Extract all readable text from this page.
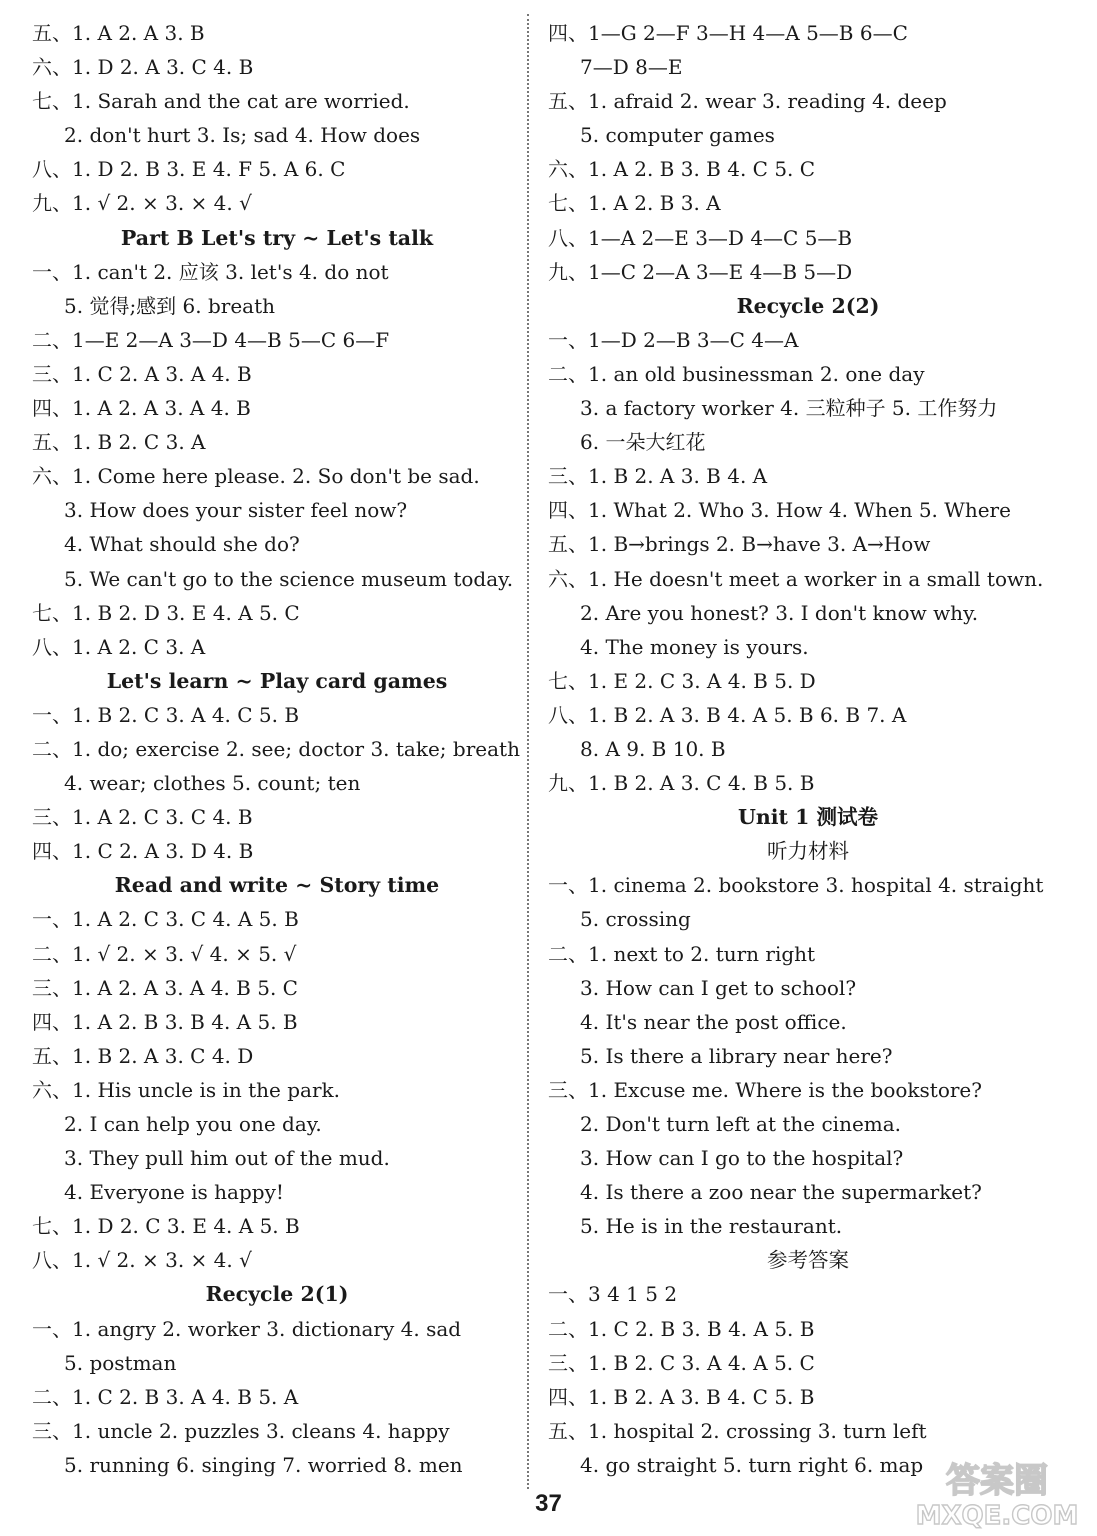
五、1. A 2. A 3. B
六、1. D 2. A 3. C 4. B
七、1. Sarah and the cat are worried.
2. don't hurt 3. Is; sad 4. How does
八、1. D 2. B 3. E 4. F 5. A 6. C
九、1. √ 2. × 3. × 4. √
Part B Let's try ~ Let's talk
一、1. can't 2. 应该 3. let's 4. do not
5. 觉得;感到 6. breath
二、1—E 2—A 3—D 4—B 5—C 6—F
三、1. C 2. A 3. A 4. B
四、1. A 2. A 3. A 4. B
五、1. B 2. C 3. A
六、1. Come here please. 2. So don't be sad.
3. How does your sister feel now?
4. What should she do?
5. We can't go to the science museum today.
七、1. B 2. D 3. E 4. A 5. C
八、1. A 2. C 3. A
Let's learn ~ Play card games
一、1. B 2. C 3. A 4. C 5. B
二、1. do; exercise 2. see; doctor 3. take; breath
4. wear; clothes 5. count; ten
三、1. A 2. C 3. C 4. B
四、1. C 2. A 3. D 4. B
Read and write ~ Story time
一、1. A 2. C 3. C 4. A 5. B
二、1. √ 2. × 3. √ 4. × 5. √
三、1. A 2. A 3. A 4. B 5. C
四、1. A 2. B 3. B 4. A 5. B
五、1. B 2. A 3. C 4. D
六、1. His uncle is in the park.
2. I can help you one day.
3. They pull him out of the mud.
4. Everyone is happy!
七、1. D 2. C 3. E 4. A 5. B
八、1. √ 2. × 3. × 4. √
Recycle 2(1)
一、1. angry 2. worker 3. dictionary 4. sad
5. postman
二、1. C 2. B 3. A 4. B 5. A
三、1. uncle 2. puzzles 3. cleans 4. happy
5. running 6. singing 7. worried 8. men
四、1—G 2—F 3—H 4—A 5—B 6—C
7—D 8—E
五、1. afraid 2. wear 3. reading 4. deep
5. computer games
六、1. A 2. B 3. B 4. C 5. C
七、1. A 2. B 3. A
八、1—A 2—E 3—D 4—C 5—B
九、1—C 2—A 3—E 4—B 5—D
Recycle 2(2)
一、1—D 2—B 3—C 4—A
二、1. an old businessman 2. one day
3. a factory worker 4. 三粒种子 5. 工作努力
6. 一朵大红花
三、1. B 2. A 3. B 4. A
四、1. What 2. Who 3. How 4. When 5. Where
五、1. B→brings 2. B→have 3. A→How
六、1. He doesn't meet a worker in a small town.
2. Are you honest? 3. I don't know why.
4. The money is yours.
七、1. E 2. C 3. A 4. B 5. D
八、1. B 2. A 3. B 4. A 5. B 6. B 7. A
8. A 9. B 10. B
九、1. B 2. A 3. C 4. B 5. B
Unit 1 测试卷
听力材料
一、1. cinema 2. bookstore 3. hospital 4. straight
5. crossing
二、1. next to 2. turn right
3. How can I get to school?
4. It's near the post office.
5. Is there a library near here?
三、1. Excuse me. Where is the bookstore?
2. Don't turn left at the cinema.
3. How can I go to the hospital?
4. Is there a zoo near the supermarket?
5. He is in the restaurant.
参考答案
一、3 4 1 5 2
二、1. C 2. B 3. B 4. A 5. B
三、1. B 2. C 3. A 4. A 5. C
四、1. B 2. A 3. B 4. C 5. B
五、1. hospital 2. crossing 3. turn left
4. go straight 5. turn right 6. map
37
答案圈
MXQE.COM
